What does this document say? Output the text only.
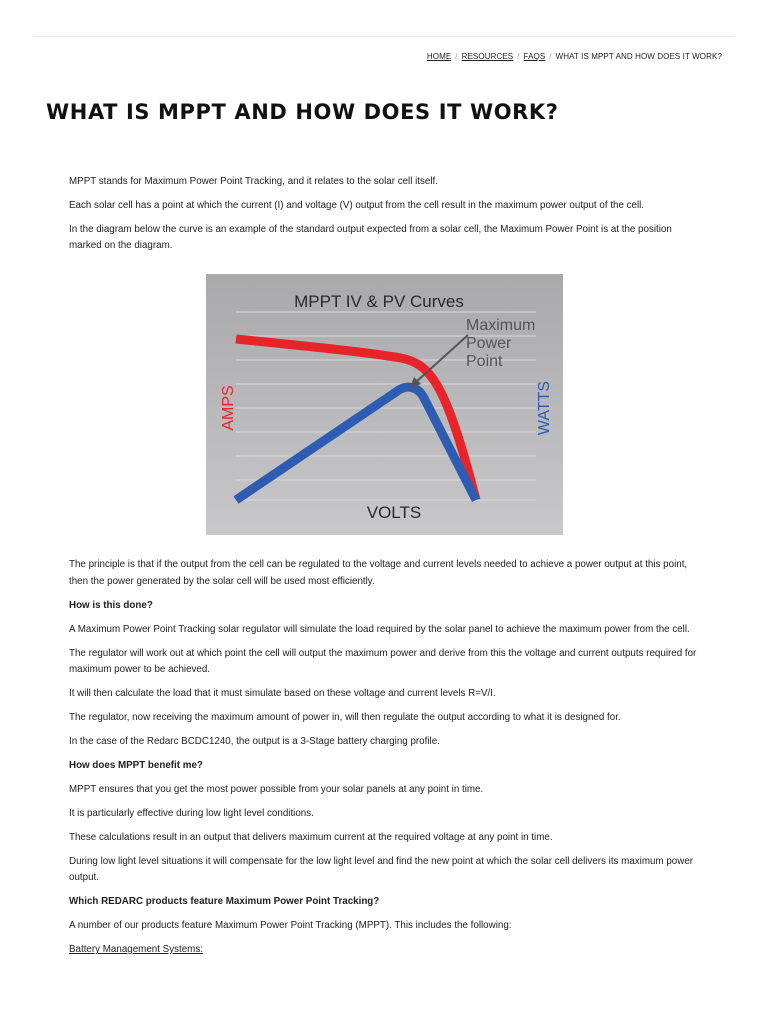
HOME / RESOURCES / FAQS / WHAT IS MPPT AND HOW DOES IT WORK?
WHAT IS MPPT AND HOW DOES IT WORK?

MPPT stands for Maximum Power Point Tracking, and it relates to the solar cell itself.

Each solar cell has a point at which the current (I) and voltage (V) output from the cell result in the maximum power output of the cell.

In the diagram below the curve is an example of the standard output expected from a solar cell, the Maximum Power Point is at the position marked on the diagram.

MPPT IV & PV Curves
Maximum Power Point
AMPS	WATTS
VOLTS

The principle is that if the output from the cell can be regulated to the voltage and current levels needed to achieve a power output at this point, then the power generated by the solar cell will be used most efficiently.

How is this done?

A Maximum Power Point Tracking solar regulator will simulate the load required by the solar panel to achieve the maximum power from the cell.

The regulator will work out at which point the cell will output the maximum power and derive from this the voltage and current outputs required for maximum power to be achieved.

It will then calculate the load that it must simulate based on these voltage and current levels R=V/I.

The regulator, now receiving the maximum amount of power in, will then regulate the output according to what it is designed for.

In the case of the Redarc BCDC1240, the output is a 3-Stage battery charging profile.

How does MPPT benefit me?

MPPT ensures that you get the most power possible from your solar panels at any point in time.

It is particularly effective during low light level conditions.

These calculations result in an output that delivers maximum current at the required voltage at any point in time.

During low light level situations it will compensate for the low light level and find the new point at which the solar cell delivers its maximum power output.

Which REDARC products feature Maximum Power Point Tracking?

A number of our products feature Maximum Power Point Tracking (MPPT). This includes the following:

Battery Management Systems:
